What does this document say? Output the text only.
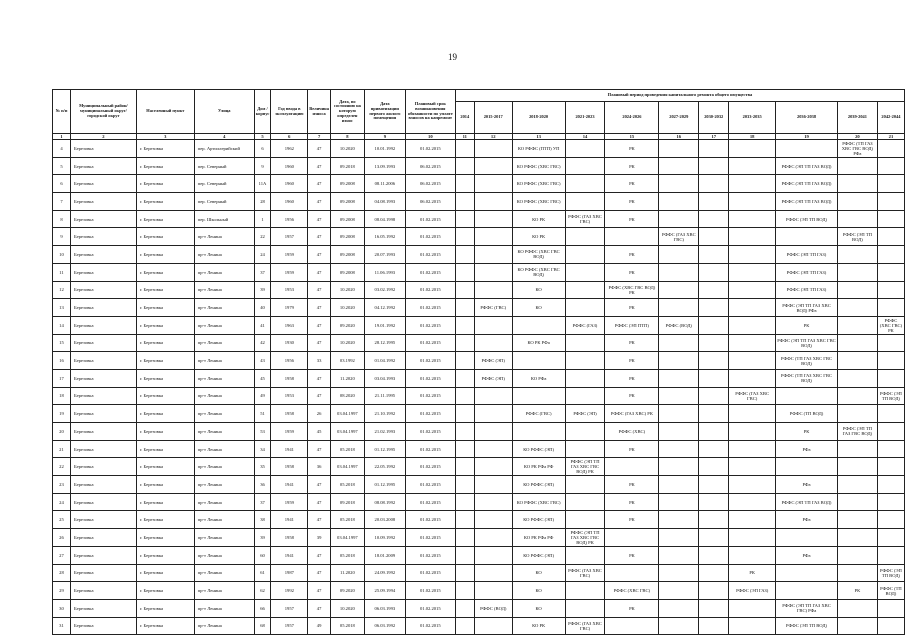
19
№ п/п	Муниципальный район/муниципальный округ/городской округ	Населенный пункт	Улица	Дом / корпус	Год ввода в эксплуатацию	Величина износа	Дата, по состоянию на которую определен износ	Дата приватизации первого жилого помещения	Плановый срок возникновения обязанности по уплате взносов на капремонт	Плановый период проведения капитального ремонта общего имущества										
										2014	2015-2017	2018-2020	2021-2023	2024-2026	2027-2029	2030-2032	2033-2035	2036-2038	2039-2041	2042-2044
1	2	3	4	5	6	7	8	9	10	11	12	13	14	15	16	17	18	19	20	21
4	Березовка	г. Березовка	пер. Артиллерийский	6	1962	47	10.2020	10.01.1992	01.02.2015			КО РФФС (ПТП) УП		РК					РФФС (ТП ГАЗ ХВС ГВС ВОД) РФа	
5	Березовка	г. Березовка	пер. Северный	9	1960	47	09.2018	13.09.1993	06.02.2015			КО РФФС (ХВС ГВС)		РК				РФФС (ЭП ТП ГАЗ ВОД)		
6	Березовка	г. Березовка	пер. Северный	11А	1960	47	09.2008	08.11.2006	06.02.2015			КО РФФС (ХВС ГВС)		РК				РФФС (ЭП ТП ГАЗ ВОД)		
7	Березовка	г. Березовка	пер. Северный	28	1960	47	09.2008	04.08.1993	06.02.2015			КО РФФС (ХВС ГВС)		РК				РФФС (ЭП ТП ГАЗ ВОД)		
8	Березовка	г. Березовка	пер. Школьный	1	1956	47	09.2008	08.04.1998	01.02.2015			КО РК	РФФС (ГАЗ ХВС ГВС)	РК				РФФС (ЭП ТП ВОД)		
9	Березовка	г. Березовка	пр-т Ленина	22	1957	47	09.2008	16.05.1992	01.02.2015			КО РК			РФФС (ГАЗ ХВС ГВС)				РФФС (ЭП ТП ВОД)	
10	Березовка	г. Березовка	пр-т Ленина	24	1959	47	09.2008	20.07.1993	01.02.2015			КО РФФС (ХВС ГВС ВОД)		РК				РФФС (ЭП ТП ГАЗ)		
11	Березовка	г. Березовка	пр-т Ленина	37	1959	47	09.2008	11.06.1993	01.02.2015			КО РФФС (ХВС ГВС ВОД)		РК				РФФС (ЭП ТП ГАЗ)		
12	Березовка	г. Березовка	пр-т Ленина	39	1953	47	10.2020	03.02.1992	01.02.2015			КО		РФФС (ХВС ГВС ВОД) РК				РФФС (ЭП ТП ГАЗ)		
13	Березовка	г. Березовка	пр-т Ленина	40	1979	47	10.2020	04.12.1992	01.02.2015		РФФС (ГВС)	КО		РК				РФФС (ЭП ТП ГАЗ ХВС ВОД) РФа		
14	Березовка	г. Березовка	пр-т Ленина	41	1963	47	09.2020	19.01.1992	01.02.2015				РФФС (ГАЗ)	РФФС (ЭП ПТП)	РФФС (ВОД)			РК		РФФС (ХВС ГВС) РК
15	Березовка	г. Березовка	пр-т Ленина	42	1930	47	10.2020	28.12.1995	01.02.2015			КО РК РФа		РК				РФФС (ЭП ТП ГАЗ ХВС ГВС ВОД)		
16	Березовка	г. Березовка	пр-т Ленина	43	1956	33	03.1992	01.04.1992	01.02.2015		РФФС (ЭП)			РК				РФФС (ТП ГАЗ ХВС ГВС ВОД)		
17	Березовка	г. Березовка	пр-т Ленина	45	1958	47	11.2020	03.04.1993	01.02.2015		РФФС (ЭП)	КО РФа		РК				РФФС (ТП ГАЗ ХВС ГВС ВОД)		
18	Березовка	г. Березовка	пр-т Ленина	49	1953	47	08.2020	21.11.1995	01.02.2015					РК			РФФС (ГАЗ ХВС ГВС)			РФФС (ЭП ТП ВОД)
19	Березовка	г. Березовка	пр-т Ленина	51	1958	26	03.04.1997	21.10.1992	01.02.2015			РФФС (ГВС)	РФФС (ЭП)	РФФС (ГАЗ ХВС) РК				РФФС (ТП ВОД)		
20	Березовка	г. Березовка	пр-т Ленина	53	1959	45	03.04.1997	21.02.1993	01.02.2015					РФФС (ХВС)				РК	РФФС (ЭП ТП ГАЗ ГВС ВОД)	
21	Березовка	г. Березовка	пр-т Ленина	34	1941	47	05.2018	01.12.1995	01.02.2015			КО РФФС (ЭП)		РК				РФа		
22	Березовка	г. Березовка	пр-т Ленина	35	1958	36	03.04.1997	22.05.1992	01.02.2015			КО РК РФа РФ	РФФС (ЭП ТП ГАЗ ХВС ГВС ВОД) РК							
23	Березовка	г. Березовка	пр-т Ленина	36	1941	47	05.2018	01.12.1995	01.02.2015			КО РФФС (ЭП)		РК				РФа		
24	Березовка	г. Березовка	пр-т Ленина	37	1959	47	09.2018	08.08.1992	01.02.2015			КО РФФС (ХВС ГВС)		РК				РФФС (ЭП ТП ГАЗ ВОД)		
25	Березовка	г. Березовка	пр-т Ленина	38	1941	47	05.2018	20.03.2008	01.02.2015			КО РФФС (ЭП)		РК				РФа		
26	Березовка	г. Березовка	пр-т Ленина	39	1958	39	03.04.1997	10.09.1992	01.02.2015			КО РК РФа РФ	РФФС (ЭП ТП ГАЗ ХВС ГВС ВОД) РК							
27	Березовка	г. Березовка	пр-т Ленина	60	1941	47	05.2018	18.01.2009	01.02.2015			КО РФФС (ЭП)		РК				РФа		
28	Березовка	г. Березовка	пр-т Ленина	61	1987	47	11.2020	24.09.1992	01.02.2015			КО	РФФС (ГАЗ ХВС ГВС)				РК			РФФС (ЭП ТП ВОД)
29	Березовка	г. Березовка	пр-т Ленина	62	1992	47	09.2020	25.09.1994	01.02.2015			КО		РФФС (ХВС ГВС)			РФФС (ЭП ГАЗ)		РК	РФФС (ТП ВОД)
30	Березовка	г. Березовка	пр-т Ленина	66	1957	47	10.2020	06.03.1993	01.02.2015		РФФС (ВОД)	КО		РК				РФФС (ЭП ТП ГАЗ ХВС ГВС) РФа		
31	Березовка	г. Березовка	пр-т Ленина	68	1957	49	05.2018	06.03.1992	01.02.2015			КО РК	РФФС (ГАЗ ХВС ГВС)					РФФС (ЭП ТП ВОД)		
